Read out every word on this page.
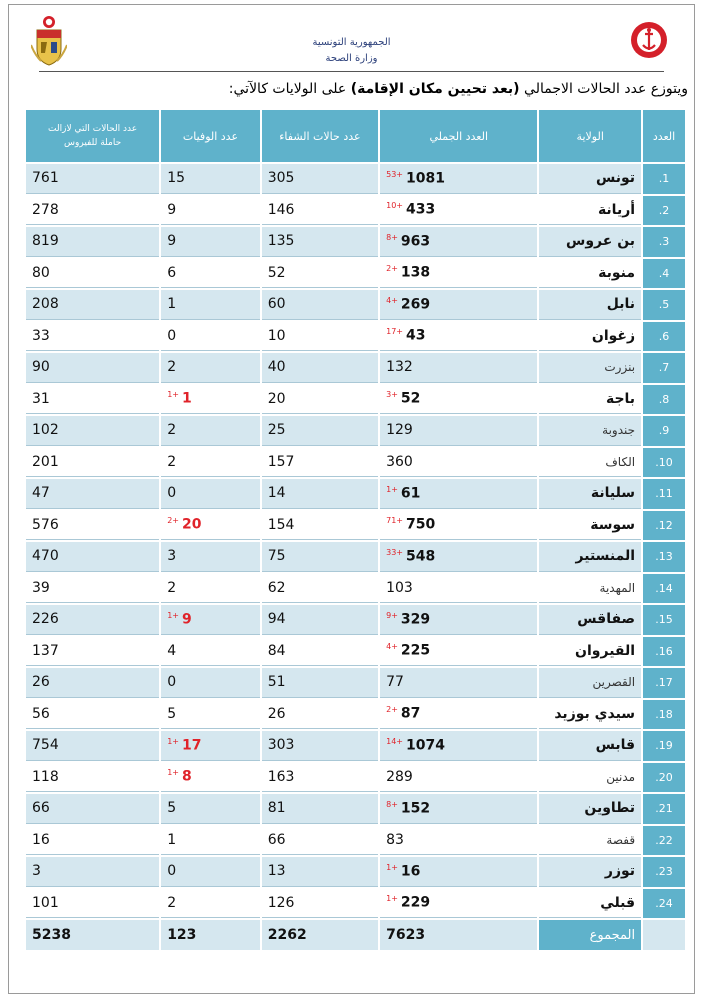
الجمهورية التونسية
وزارة الصحة
ويتوزع عدد الحالات الاجمالي (بعد تحيين مكان الإقامة) على الولايات كالآتي:
العدد	الولاية	العدد الجملي	عدد حالات الشفاء	عدد الوفيات	عدد الحالات التي لازالت
حاملة للفيروس

1.	تونس	$^{53+}$ 1081	305	15	761
2.	أريانة	$^{10+}$ 433	146	9	278
3.	بن عروس	$^{8+}$ 963	135	9	819
4.	منوبة	$^{2+}$ 138	52	6	80
5.	نابل	$^{4+}$ 269	60	1	208
6.	زغوان	$^{17+}$ 43	10	0	33
7.	بنزرت	132	40	2	90
8.	باجة	$^{3+}$ 52	20	$^{1+}$ 1	31
9.	جندوبة	129	25	2	102
10.	الكاف	360	157	2	201
11.	سليانة	$^{1+}$ 61	14	0	47
12.	سوسة	$^{71+}$ 750	154	$^{2+}$ 20	576
13.	المنستير	$^{33+}$ 548	75	3	470
14.	المهدية	103	62	2	39
15.	صفاقس	$^{9+}$ 329	94	$^{1+}$ 9	226
16.	القيروان	$^{4+}$ 225	84	4	137
17.	القصرين	77	51	0	26
18.	سيدي بوزيد	$^{2+}$ 87	26	5	56
19.	قابس	$^{14+}$ 1074	303	$^{1+}$ 17	754
20.	مدنين	289	163	$^{1+}$ 8	118
21.	تطاوين	$^{8+}$ 152	81	5	66
22.	قفصة	83	66	1	16
23.	توزر	$^{1+}$ 16	13	0	3
24.	قبلي	$^{1+}$ 229	126	2	101
	المجموع	7623	2262	123	5238
